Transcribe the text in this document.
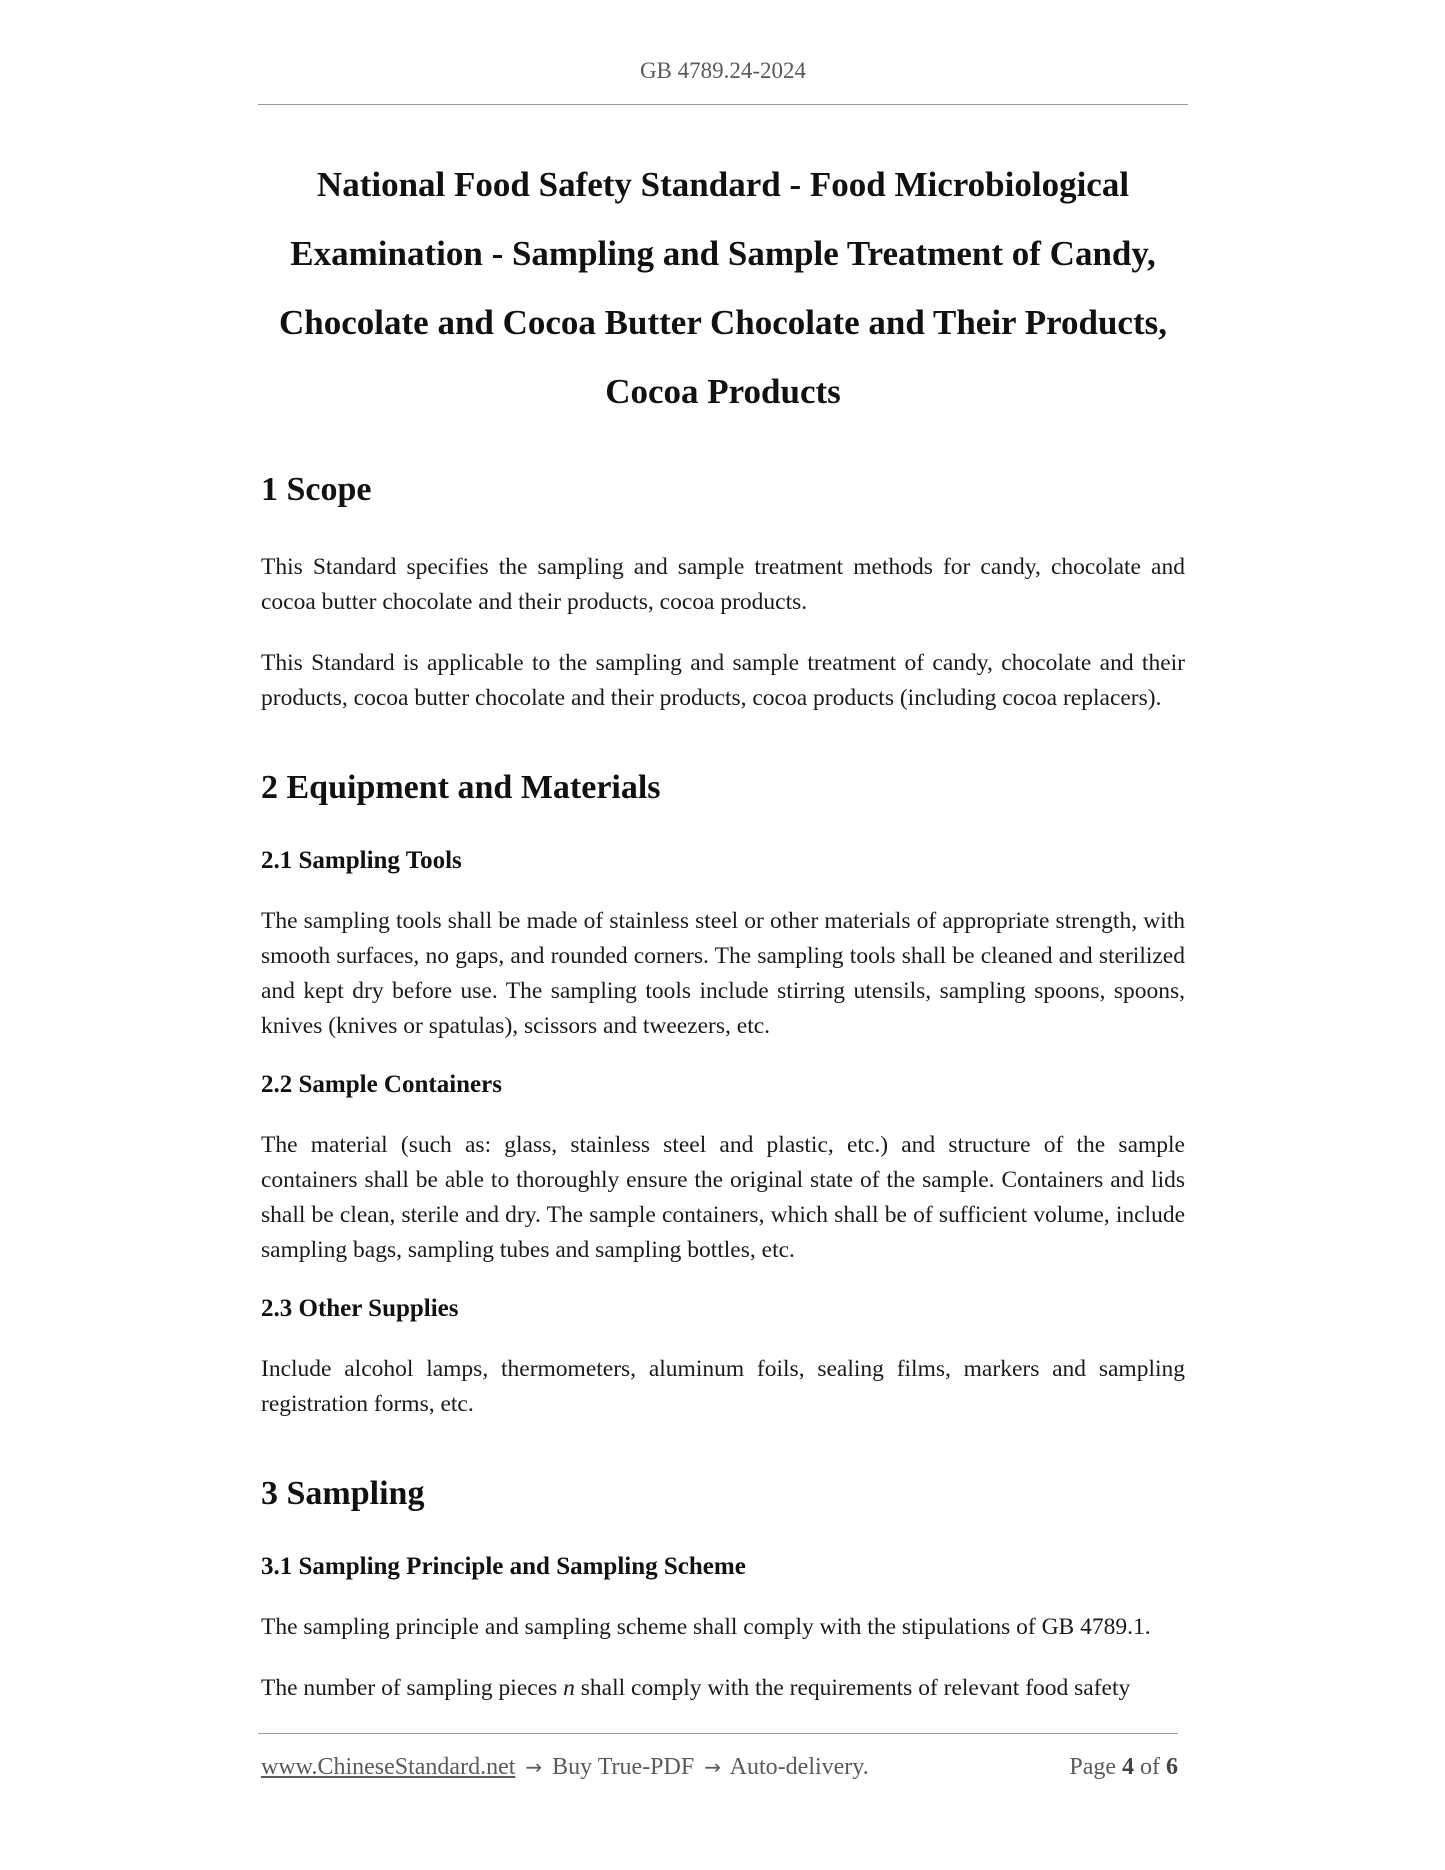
GB 4789.24-2024
National Food Safety Standard - Food Microbiological
Examination - Sampling and Sample Treatment of Candy,
Chocolate and Cocoa Butter Chocolate and Their Products,
Cocoa Products
1 Scope

This Standard specifies the sampling and sample treatment methods for candy, chocolate and cocoa butter chocolate and their products, cocoa products.

This Standard is applicable to the sampling and sample treatment of candy, chocolate and their products, cocoa butter chocolate and their products, cocoa products (including cocoa replacers).

2 Equipment and Materials
2.1 Sampling Tools

The sampling tools shall be made of stainless steel or other materials of appropriate strength, with smooth surfaces, no gaps, and rounded corners. The sampling tools shall be cleaned and sterilized and kept dry before use. The sampling tools include stirring utensils, sampling spoons, spoons, knives (knives or spatulas), scissors and tweezers, etc.

2.2 Sample Containers

The material (such as: glass, stainless steel and plastic, etc.) and structure of the sample containers shall be able to thoroughly ensure the original state of the sample. Containers and lids shall be clean, sterile and dry. The sample containers, which shall be of sufficient volume, include sampling bags, sampling tubes and sampling bottles, etc.

2.3 Other Supplies

Include alcohol lamps, thermometers, aluminum foils, sealing films, markers and sampling registration forms, etc.

3 Sampling
3.1 Sampling Principle and Sampling Scheme

The sampling principle and sampling scheme shall comply with the stipulations of GB 4789.1.

The number of sampling pieces n shall comply with the requirements of relevant food safety

www.ChineseStandard.net → Buy True-PDF → Auto-delivery.	Page 4 of 6
